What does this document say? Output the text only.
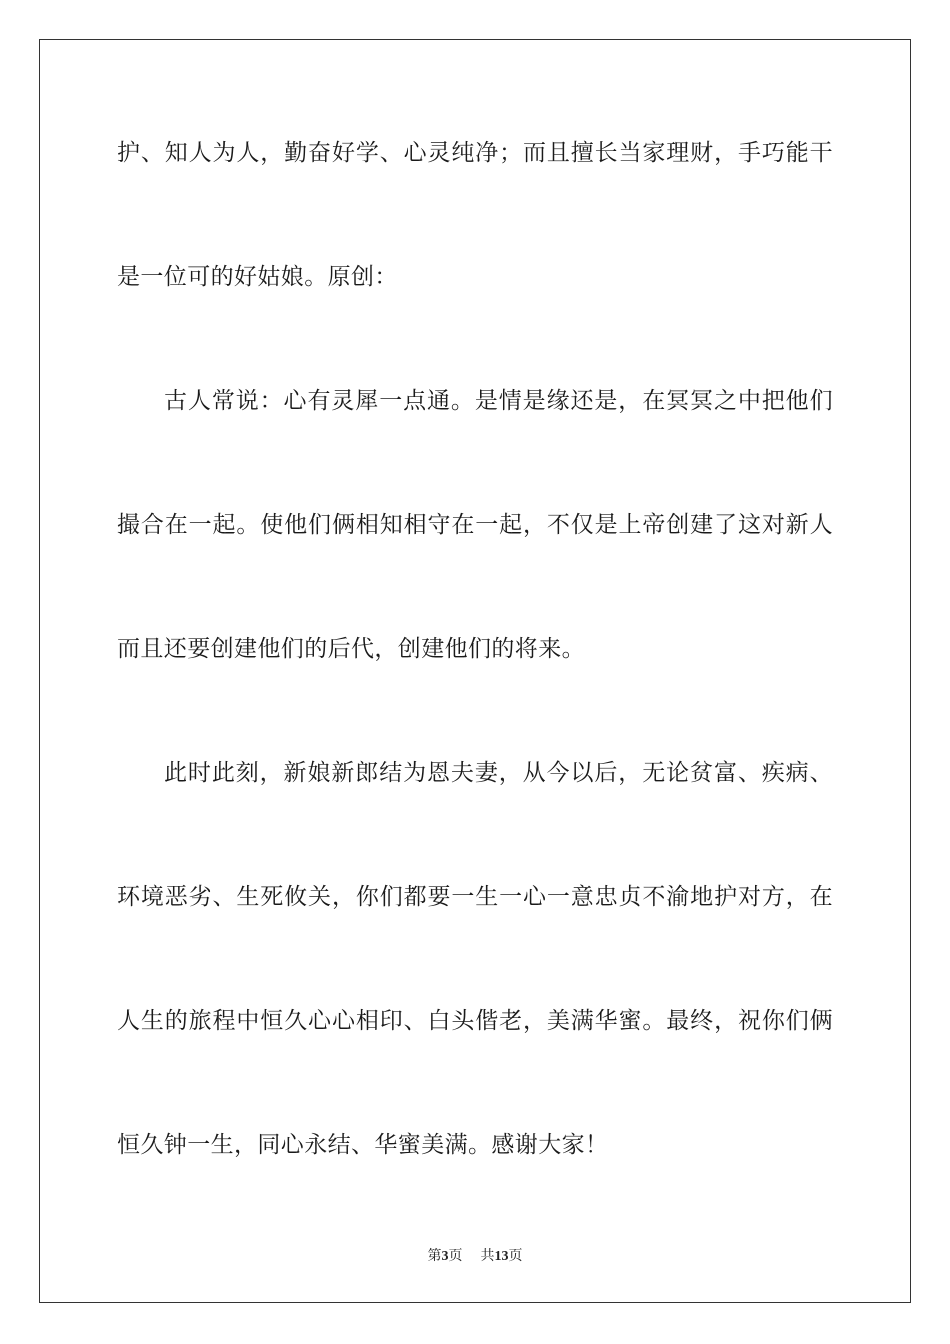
护、知人为人，勤奋好学、心灵纯净；而且擅长当家理财，手巧能干
是一位可的好姑娘。原创：
古人常说：心有灵犀一点通。是情是缘还是，在冥冥之中把他们
撮合在一起。使他们俩相知相守在一起，不仅是上帝创建了这对新人
而且还要创建他们的后代，创建他们的将来。
此时此刻，新娘新郎结为恩夫妻，从今以后，无论贫富、疾病、
环境恶劣、生死攸关，你们都要一生一心一意忠贞不渝地护对方，在
人生的旅程中恒久心心相印、白头偕老，美满华蜜。最终，祝你们俩
恒久钟一生，同心永结、华蜜美满。感谢大家！
第3页 共13页
